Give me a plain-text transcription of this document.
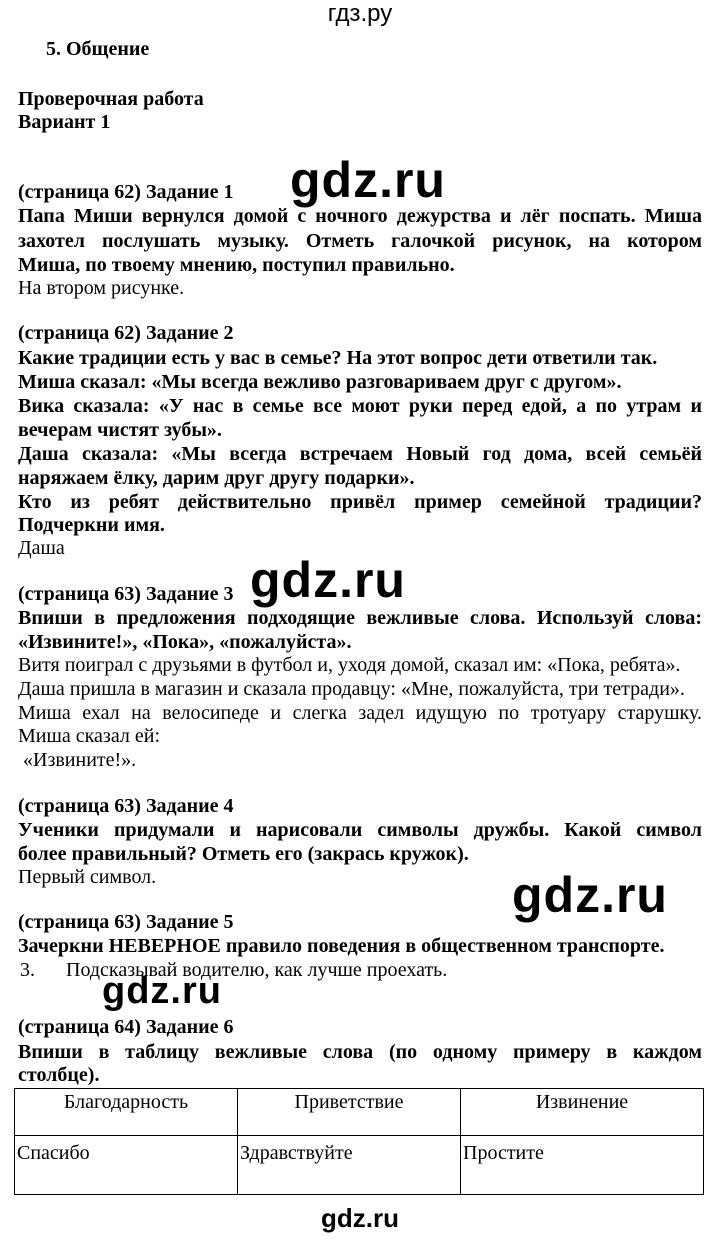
гдз.ру
gdz.ru
gdz.ru
gdz.ru
gdz.ru
5. Общение
Проверочная работа
Вариант 1
(страница 62) Задание 1
Папа Миши вернулся домой с ночного дежурства и лёг поспать. Миша
захотел послушать музыку. Отметь галочкой рисунок, на котором
Миша, по твоему мнению, поступил правильно.
На втором рисунке.
(страница 62) Задание 2
Какие традиции есть у вас в семье? На этот вопрос дети ответили так.
Миша сказал: «Мы всегда вежливо разговариваем друг с другом».
Вика сказала: «У нас в семье все моют руки перед едой, а по утрам и
вечерам чистят зубы».
Даша сказала: «Мы всегда встречаем Новый год дома, всей семьёй
наряжаем ёлку, дарим друг другу подарки».
Кто из ребят действительно привёл пример семейной традиции?
Подчеркни имя.
Даша
(страница 63) Задание 3
Впиши в предложения подходящие вежливые слова. Используй слова:
«Извините!», «Пока», «пожалуйста».
Витя поиграл с друзьями в футбол и, уходя домой, сказал им: «Пока, ребята».
Даша пришла в магазин и сказала продавцу: «Мне, пожалуйста, три тетради».
Миша ехал на велосипеде и слегка задел идущую по тротуару старушку.
Миша сказал ей:
«Извините!».
(страница 63) Задание 4
Ученики придумали и нарисовали символы дружбы. Какой символ
более правильный? Отметь его (закрась кружок).
Первый символ.
(страница 63) Задание 5
Зачеркни НЕВЕРНОЕ правило поведения в общественном транспорте.
3.	Подсказывай водителю, как лучше проехать.
(страница 64) Задание 6
Впиши в таблицу вежливые слова (по одному примеру в каждом
столбце).
Благодарность	Приветствие	Извинение
Спасибо	Здравствуйте	Простите
gdz.ru
